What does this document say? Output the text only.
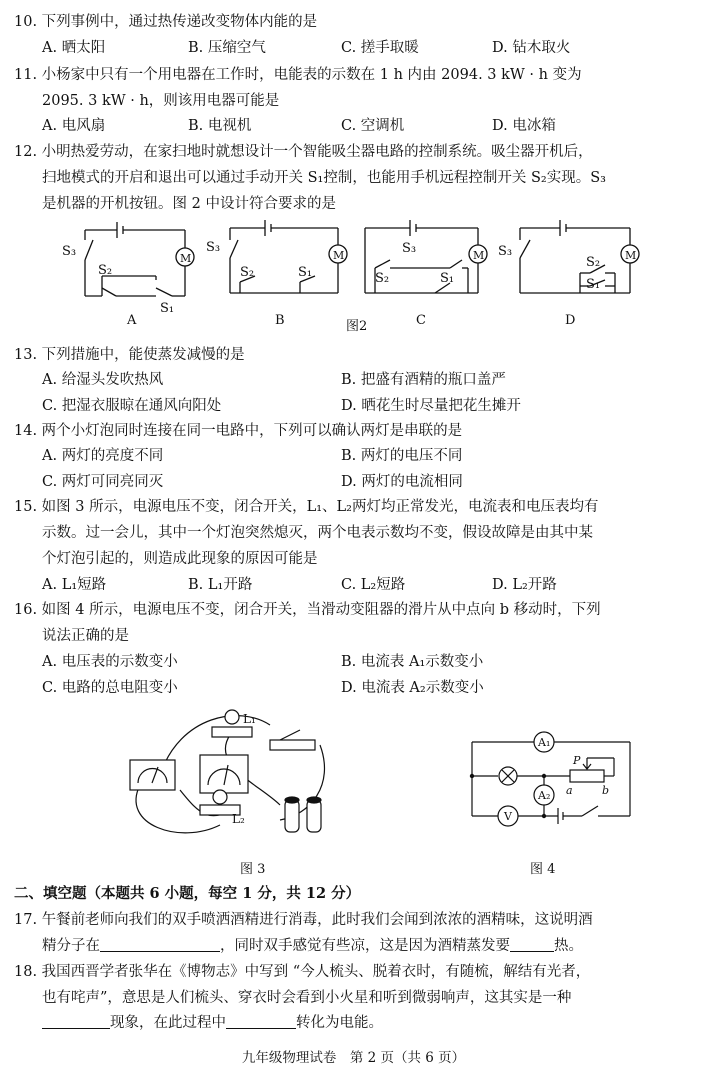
10. 下列事例中，通过热传递改变物体内能的是
A. 晒太阳	B. 压缩空气	C. 搓手取暖	D. 钻木取火
11. 小杨家中只有一个用电器在工作时，电能表的示数在 1 h 内由 2094. 3 kW · h 变为
2095. 3 kW · h，则该用电器可能是
A. 电风扇	B. 电视机	C. 空调机	D. 电冰箱
12. 小明热爱劳动，在家扫地时就想设计一个智能吸尘器电路的控制系统。吸尘器开机后，
扫地模式的开启和退出可以通过手动开关 S₁控制，也能用手机远程控制开关 S₂实现。S₃
是机器的开机按钮。图 2 中设计符合要求的是
S₃
S₂
S₁
M
S₃
S₂	S₁
M	S₃
S₂	S₁
M S₃
S₂
S₁
M
A	B	C	D
图2
13. 下列措施中，能使蒸发减慢的是
A. 给湿头发吹热风	B. 把盛有酒精的瓶口盖严
C. 把湿衣服晾在通风向阳处	D. 晒花生时尽量把花生摊开
14. 两个小灯泡同时连接在同一电路中，下列可以确认两灯是串联的是
A. 两灯的亮度不同	B. 两灯的电压不同
C. 两灯可同亮同灭	D. 两灯的电流相同
15. 如图 3 所示，电源电压不变，闭合开关，L₁、L₂两灯均正常发光，电流表和电压表均有
示数。过一会儿，其中一个灯泡突然熄灭，两个电表示数均不变，假设故障是由其中某
个灯泡引起的，则造成此现象的原因可能是
A. L₁短路	B. L₁开路	C. L₂短路	D. L₂开路
16. 如图 4 所示，电源电压不变，闭合开关，当滑动变阻器的滑片从中点向 b 移动时，下列
说法正确的是
A. 电压表的示数变小	B. 电流表 A₁示数变小
C. 电路的总电阻变小	D. 电流表 A₂示数变小
L₁
L₂
图 3
A₁
A₂
V
P
a	b
图 4
二、填空题（本题共 6 小题，每空 1 分，共 12 分）
17. 午餐前老师向我们的双手喷洒酒精进行消毒，此时我们会闻到浓浓的酒精味，这说明酒
精分子在	，同时双手感觉有些凉，这是因为酒精蒸发要	热。
18. 我国西晋学者张华在《博物志》中写到 “今人梳头、脱着衣时，有随梳，解结有光者，
也有咤声”，意思是人们梳头、穿衣时会看到小火星和听到微弱响声，这其实是一种
现象，在此过程中	转化为电能。
九年级物理试卷　第 2 页（共 6 页）
